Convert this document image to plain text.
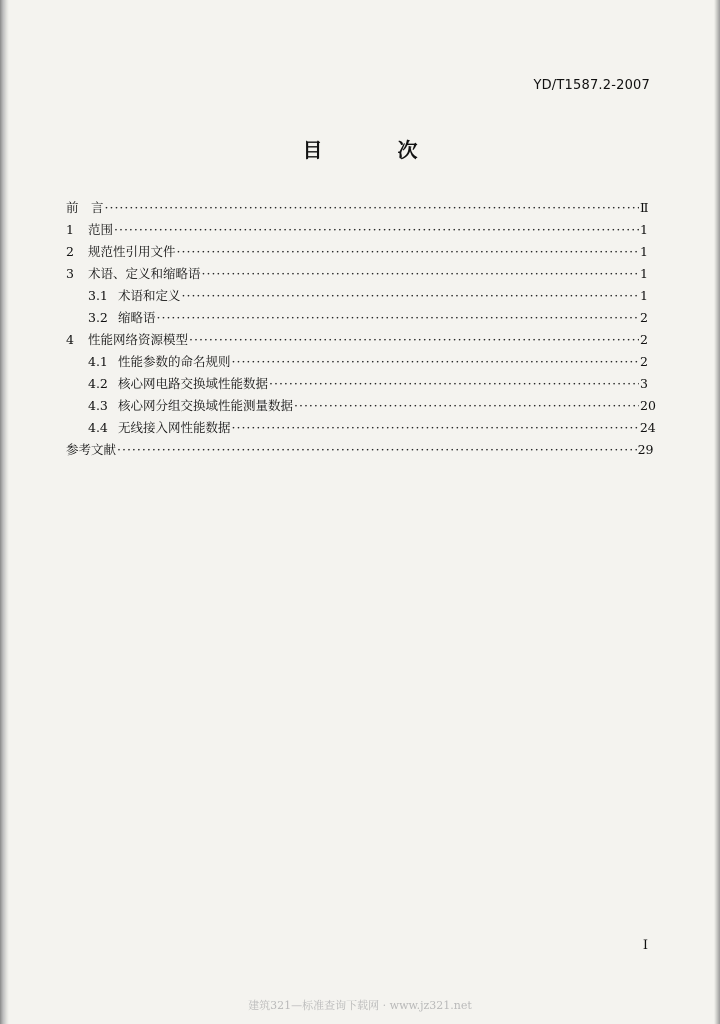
YD/T1587.2-2007
目 次
前　言 ·····	Ⅱ
1	范围 ·····	1
2	规范性引用文件 ·····	1
3	术语、定义和缩略语 ·····	1
3.1 术语和定义 ·····	1
3.2 缩略语 ·····	2
4	性能网络资源模型 ·····	2
4.1 性能参数的命名规则 ·····	2
4.2 核心网电路交换域性能数据 ·····	3
4.3 核心网分组交换域性能测量数据 ·····	20
4.4 无线接入网性能数据 ·····	24
参考文献 ·····	29
I
建筑321—标准查询下载网 · www.jz321.net
